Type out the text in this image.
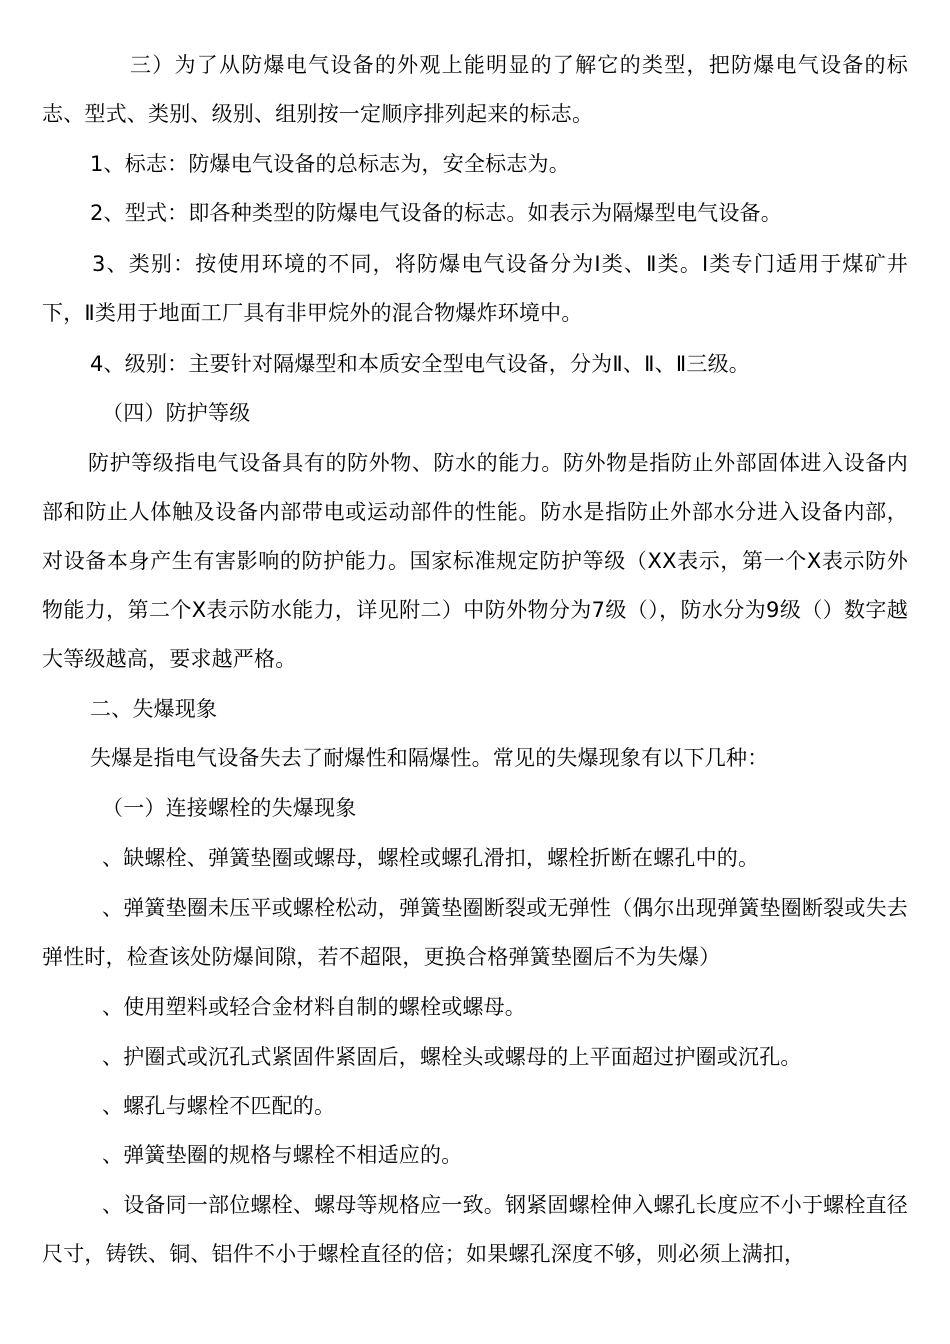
三）为了从防爆电气设备的外观上能明显的了解它的类型，把防爆电气设备的标志、型式、类别、级别、组别按一定顺序排列起来的标志。

1、标志：防爆电气设备的总标志为，安全标志为。

2、型式：即各种类型的防爆电气设备的标志。如表示为隔爆型电气设备。

3、类别：按使用环境的不同，将防爆电气设备分为Ⅰ类、Ⅱ类。Ⅰ类专门适用于煤矿井下，Ⅱ类用于地面工厂具有非甲烷外的混合物爆炸环境中。

4、级别：主要针对隔爆型和本质安全型电气设备，分为Ⅱ、Ⅱ、Ⅱ三级。

（四）防护等级

防护等级指电气设备具有的防外物、防水的能力。防外物是指防止外部固体进入设备内部和防止人体触及设备内部带电或运动部件的性能。防水是指防止外部水分进入设备内部，对设备本身产生有害影响的防护能力。国家标准规定防护等级（XX表示，第一个X表示防外物能力，第二个X表示防水能力，详见附二）中防外物分为7级（），防水分为9级（）数字越大等级越高，要求越严格。

二、失爆现象

失爆是指电气设备失去了耐爆性和隔爆性。常见的失爆现象有以下几种：

（一）连接螺栓的失爆现象

、缺螺栓、弹簧垫圈或螺母，螺栓或螺孔滑扣，螺栓折断在螺孔中的。

、弹簧垫圈未压平或螺栓松动，弹簧垫圈断裂或无弹性（偶尔出现弹簧垫圈断裂或失去弹性时，检查该处防爆间隙，若不超限，更换合格弹簧垫圈后不为失爆）

、使用塑料或轻合金材料自制的螺栓或螺母。

、护圈式或沉孔式紧固件紧固后，螺栓头或螺母的上平面超过护圈或沉孔。

、螺孔与螺栓不匹配的。

、弹簧垫圈的规格与螺栓不相适应的。

、设备同一部位螺栓、螺母等规格应一致。钢紧固螺栓伸入螺孔长度应不小于螺栓直径尺寸，铸铁、铜、铝件不小于螺栓直径的倍；如果螺孔深度不够，则必须上满扣，
